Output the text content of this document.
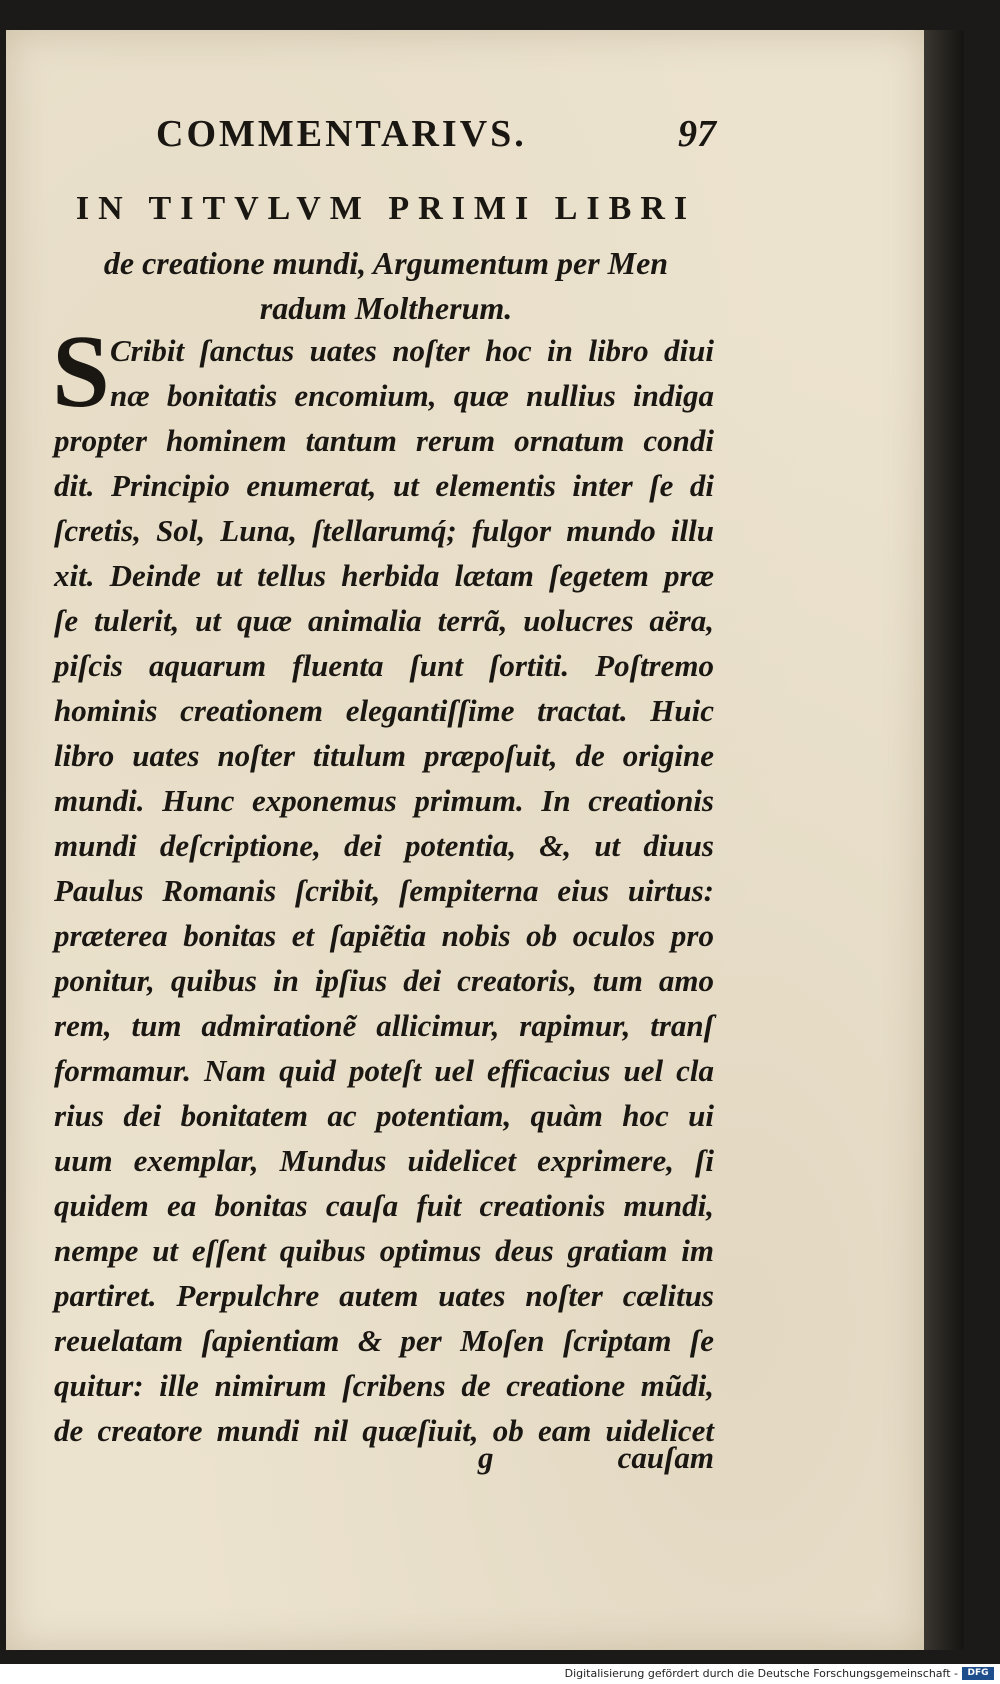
COMMENTARIVS.	97
IN TITVLVM PRIMI LIBRI
de creatione mundi, Argumentum per Men
radum Moltherum.
S Cribit ſanctus uates noſter hoc in libro diui
næ bonitatis encomium, quæ nullius indiga
propter hominem tantum rerum ornatum condi
dit. Principio enumerat, ut elementis inter ſe di
ſcretis, Sol, Luna, ſtellarumq́; fulgor mundo illu
xit. Deinde ut tellus herbida lætam ſegetem præ
ſe tulerit, ut quæ animalia terrã, uolucres aëra,
piſcis aquarum fluenta ſunt ſortiti. Poſtremo
hominis creationem elegantiſſime tractat. Huic
libro uates noſter titulum præpoſuit, de origine
mundi. Hunc exponemus primum. In creationis
mundi deſcriptione, dei potentia, &, ut diuus
Paulus Romanis ſcribit, ſempiterna eius uirtus:
præterea bonitas et ſapiẽtia nobis ob oculos pro
ponitur, quibus in ipſius dei creatoris, tum amo
rem, tum admirationẽ allicimur, rapimur, tranſ
formamur. Nam quid poteſt uel efficacius uel cla
rius dei bonitatem ac potentiam, quàm hoc ui
uum exemplar, Mundus uidelicet exprimere, ſi
quidem ea bonitas cauſa fuit creationis mundi,
nempe ut eſſent quibus optimus deus gratiam im
partiret. Perpulchre autem uates noſter cælitus
reuelatam ſapientiam & per Moſen ſcriptam ſe
quitur: ille nimirum ſcribens de creatione mũdi,
de creatore mundi nil quæſiuit, ob eam uidelicet
g	cauſam
Digitalisierung gefördert durch die Deutsche Forschungsgemeinschaft -	DFG
